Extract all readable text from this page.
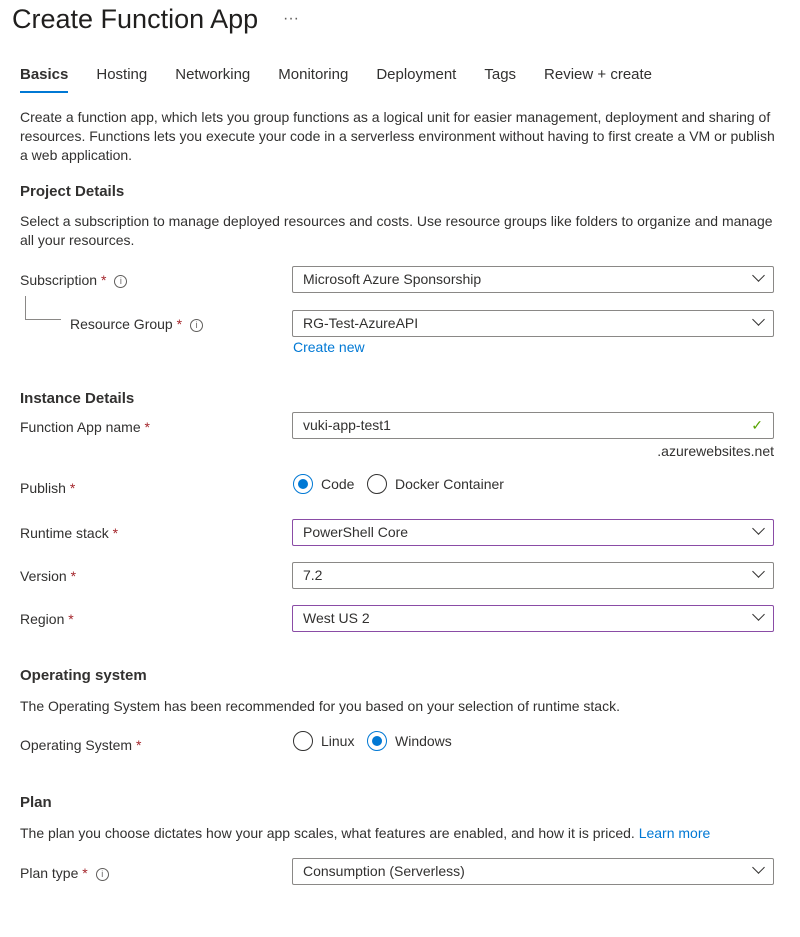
Create Function App ···
Basics Hosting Networking Monitoring Deployment Tags Review + create

Create a function app, which lets you group functions as a logical unit for easier management, deployment and sharing of resources. Functions lets you execute your code in a serverless environment without having to first create a VM or publish a web application.

Project Details

Select a subscription to manage deployed resources and costs. Use resource groups like folders to organize and manage all your resources.

Subscription * i	Microsoft Azure Sponsorship
Resource Group * i	RG-Test-AzureAPI
Create new
Instance Details
Function App name *	vuki-app-test1	✓
.azurewebsites.net
Publish *	Code	Docker Container
Runtime stack *	PowerShell Core
Version *	7.2
Region *	West US 2
Operating system

The Operating System has been recommended for you based on your selection of runtime stack.

Operating System *	Linux	Windows
Plan

The plan you choose dictates how your app scales, what features are enabled, and how it is priced. Learn more

Plan type * i	Consumption (Serverless)
